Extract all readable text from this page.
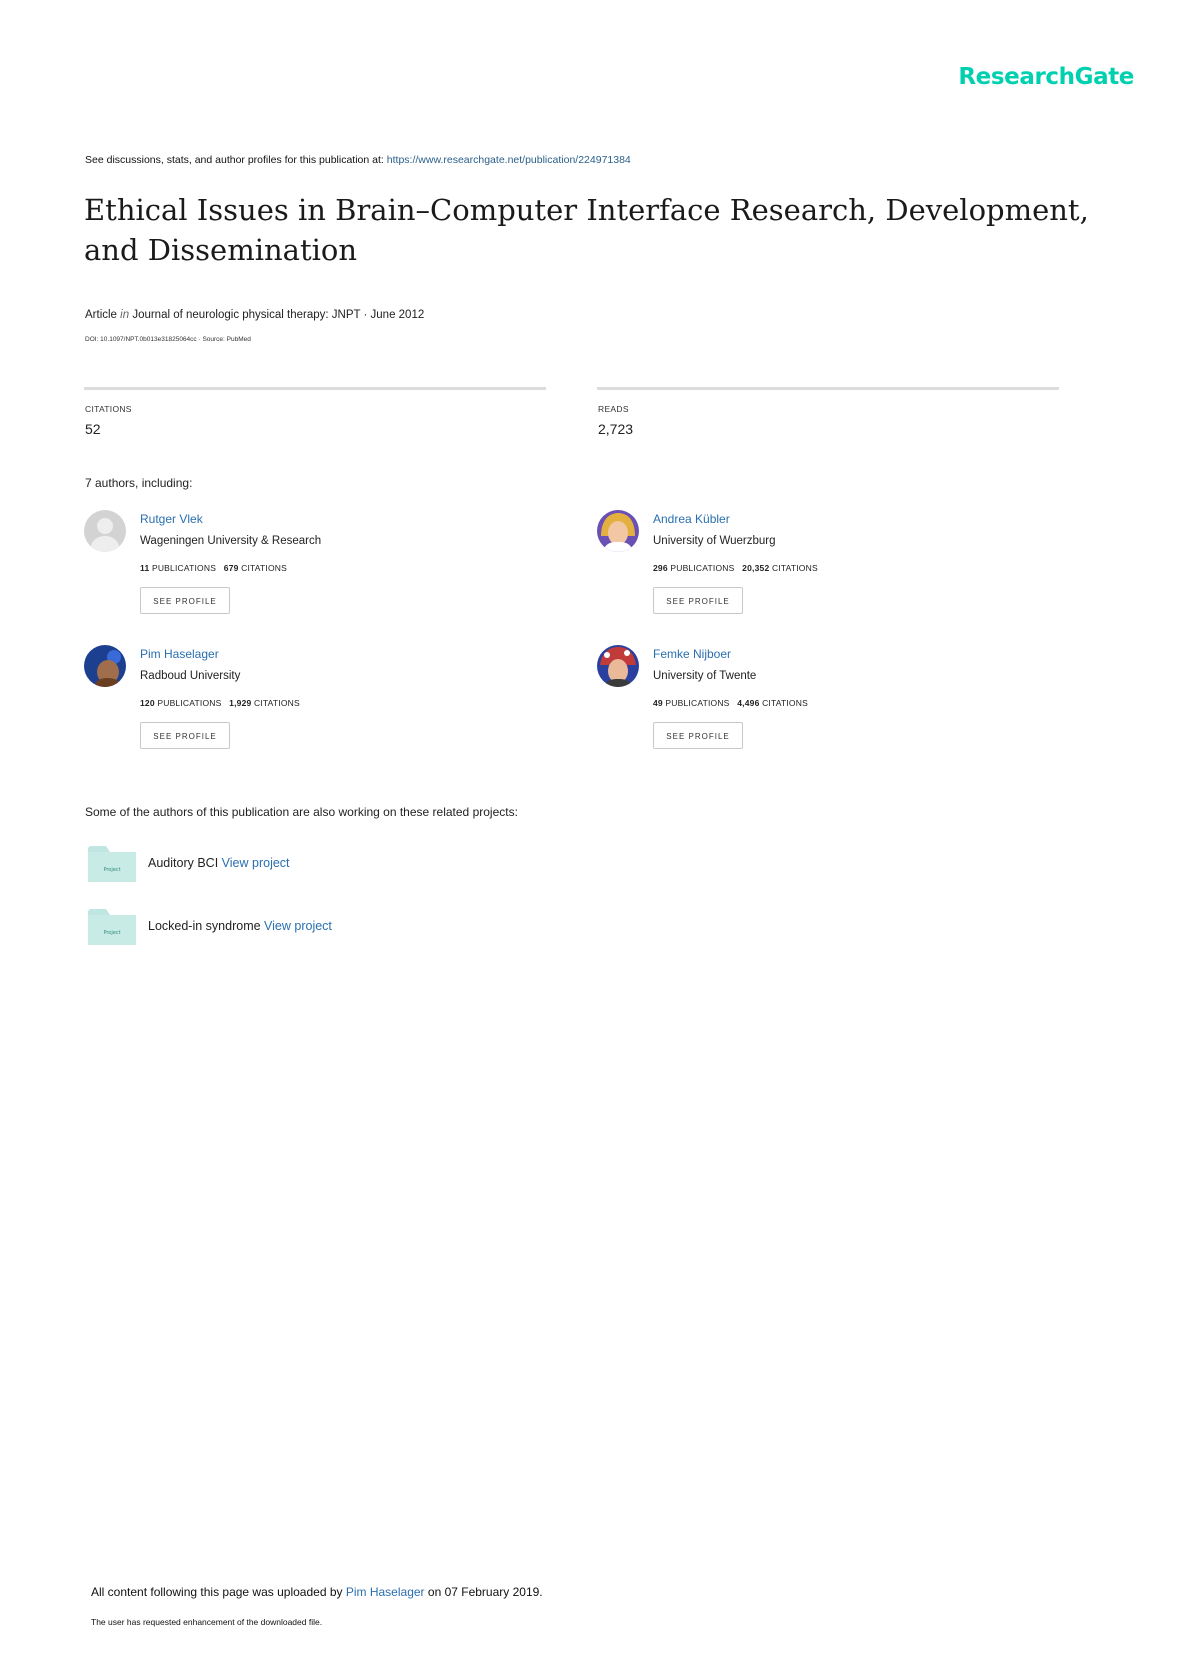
ResearchGate
See discussions, stats, and author profiles for this publication at: https://www.researchgate.net/publication/224971384
Ethical Issues in Brain–Computer Interface Research, Development, and Dissemination
Article in Journal of neurologic physical therapy: JNPT · June 2012
DOI: 10.1097/NPT.0b013e31825064cc · Source: PubMed
CITATIONS
52
READS
2,723
7 authors, including:
Rutger Vlek
Wageningen University & Research
11 PUBLICATIONS 679 CITATIONS
SEE PROFILE
Andrea Kübler
University of Wuerzburg
296 PUBLICATIONS 20,352 CITATIONS
SEE PROFILE
Pim Haselager
Radboud University
120 PUBLICATIONS 1,929 CITATIONS
SEE PROFILE
Femke Nijboer
University of Twente
49 PUBLICATIONS 4,496 CITATIONS
SEE PROFILE
Some of the authors of this publication are also working on these related projects:
Project Auditory BCI View project
Project Locked-in syndrome View project
All content following this page was uploaded by Pim Haselager on 07 February 2019.
The user has requested enhancement of the downloaded file.
